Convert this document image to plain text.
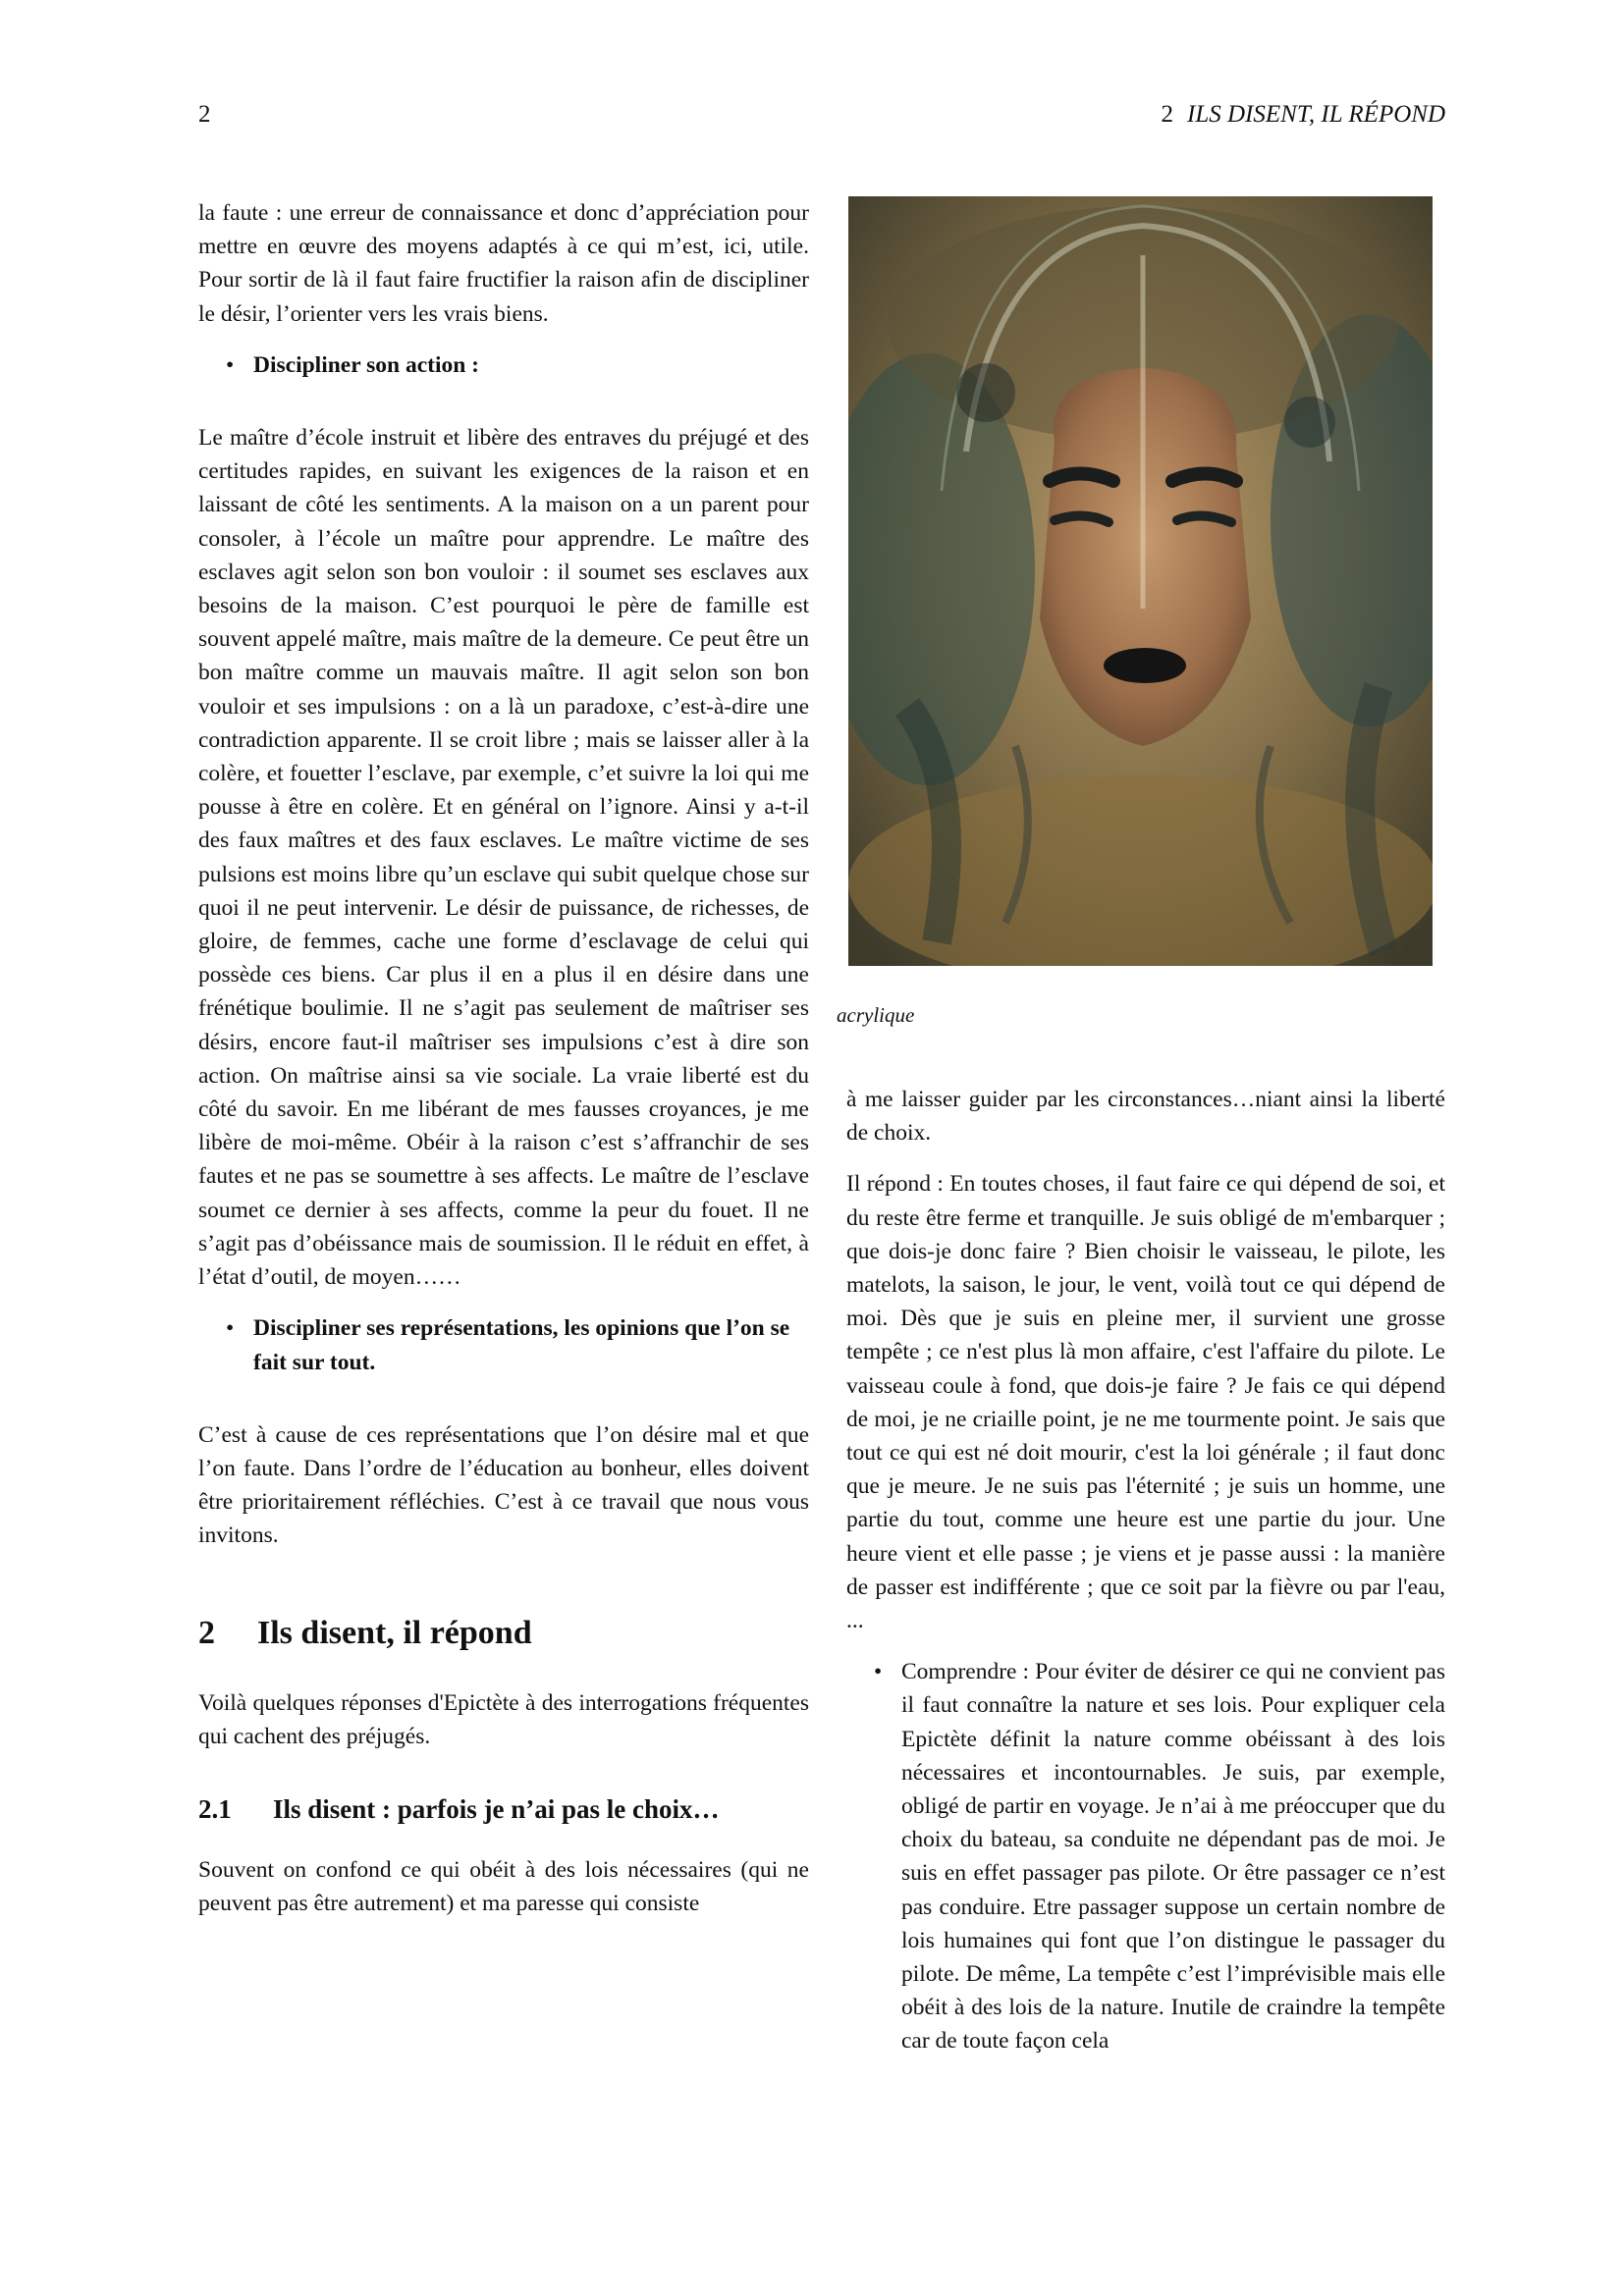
2	2 ILS DISENT, IL RÉPOND

la faute : une erreur de connaissance et donc d’appréciation pour mettre en œuvre des moyens adaptés à ce qui m’est, ici, utile. Pour sortir de là il faut faire fructifier la raison afin de discipliner le désir, l’orienter vers les vrais biens.

• Discipliner son action :

Le maître d’école instruit et libère des entraves du préjugé et des certitudes rapides, en suivant les exigences de la raison et en laissant de côté les sentiments. A la maison on a un parent pour consoler, à l’école un maître pour apprendre. Le maître des esclaves agit selon son bon vouloir : il soumet ses esclaves aux besoins de la maison. C’est pourquoi le père de famille est souvent appelé maître, mais maître de la demeure. Ce peut être un bon maître comme un mauvais maître. Il agit selon son bon vouloir et ses impulsions : on a là un paradoxe, c’est-à-dire une contradiction apparente. Il se croit libre ; mais se laisser aller à la colère, et fouetter l’esclave, par exemple, c’et suivre la loi qui me pousse à être en colère. Et en général on l’ignore. Ainsi y a-t-il des faux maîtres et des faux esclaves. Le maître victime de ses pulsions est moins libre qu’un esclave qui subit quelque chose sur quoi il ne peut intervenir. Le désir de puissance, de richesses, de gloire, de femmes, cache une forme d’esclavage de celui qui possède ces biens. Car plus il en a plus il en désire dans une frénétique boulimie. Il ne s’agit pas seulement de maîtriser ses désirs, encore faut-il maîtriser ses impulsions c’est à dire son action. On maîtrise ainsi sa vie sociale. La vraie liberté est du côté du savoir. En me libérant de mes fausses croyances, je me libère de moi-même. Obéir à la raison c’est s’affranchir de ses fautes et ne pas se soumettre à ses affects. Le maître de l’esclave soumet ce dernier à ses affects, comme la peur du fouet. Il ne s’agit pas d’obéissance mais de soumission. Il le réduit en effet, à l’état d’outil, de moyen……

• Discipliner ses représentations, les opinions que l’on se fait sur tout.

C’est à cause de ces représentations que l’on désire mal et que l’on faute. Dans l’ordre de l’éducation au bonheur, elles doivent être prioritairement réfléchies. C’est à ce travail que nous vous invitons.

2 Ils disent, il répond

Voilà quelques réponses d'Epictète à des interrogations fréquentes qui cachent des préjugés.

2.1 Ils disent : parfois je n’ai pas le choix…

Souvent on confond ce qui obéit à des lois nécessaires (qui ne peuvent pas être autrement) et ma paresse qui consiste

acrylique

à me laisser guider par les circonstances…niant ainsi la liberté de choix.

Il répond : En toutes choses, il faut faire ce qui dépend de soi, et du reste être ferme et tranquille. Je suis obligé de m'embarquer ; que dois-je donc faire ? Bien choisir le vaisseau, le pilote, les matelots, la saison, le jour, le vent, voilà tout ce qui dépend de moi. Dès que je suis en pleine mer, il survient une grosse tempête ; ce n'est plus là mon affaire, c'est l'affaire du pilote. Le vaisseau coule à fond, que dois-je faire ? Je fais ce qui dépend de moi, je ne criaille point, je ne me tourmente point. Je sais que tout ce qui est né doit mourir, c'est la loi générale ; il faut donc que je meure. Je ne suis pas l'éternité ; je suis un homme, une partie du tout, comme une heure est une partie du jour. Une heure vient et elle passe ; je viens et je passe aussi : la manière de passer est indifférente ; que ce soit par la fièvre ou par l'eau, ...

• Comprendre : Pour éviter de désirer ce qui ne convient pas il faut connaître la nature et ses lois. Pour expliquer cela Epictète définit la nature comme obéissant à des lois nécessaires et incontournables. Je suis, par exemple, obligé de partir en voyage. Je n’ai à me préoccuper que du choix du bateau, sa conduite ne dépendant pas de moi. Je suis en effet passager pas pilote. Or être passager ce n’est pas conduire. Etre passager suppose un certain nombre de lois humaines qui font que l’on distingue le passager du pilote. De même, La tempête c’est l’imprévisible mais elle obéit à des lois de la nature. Inutile de craindre la tempête car de toute façon cela
